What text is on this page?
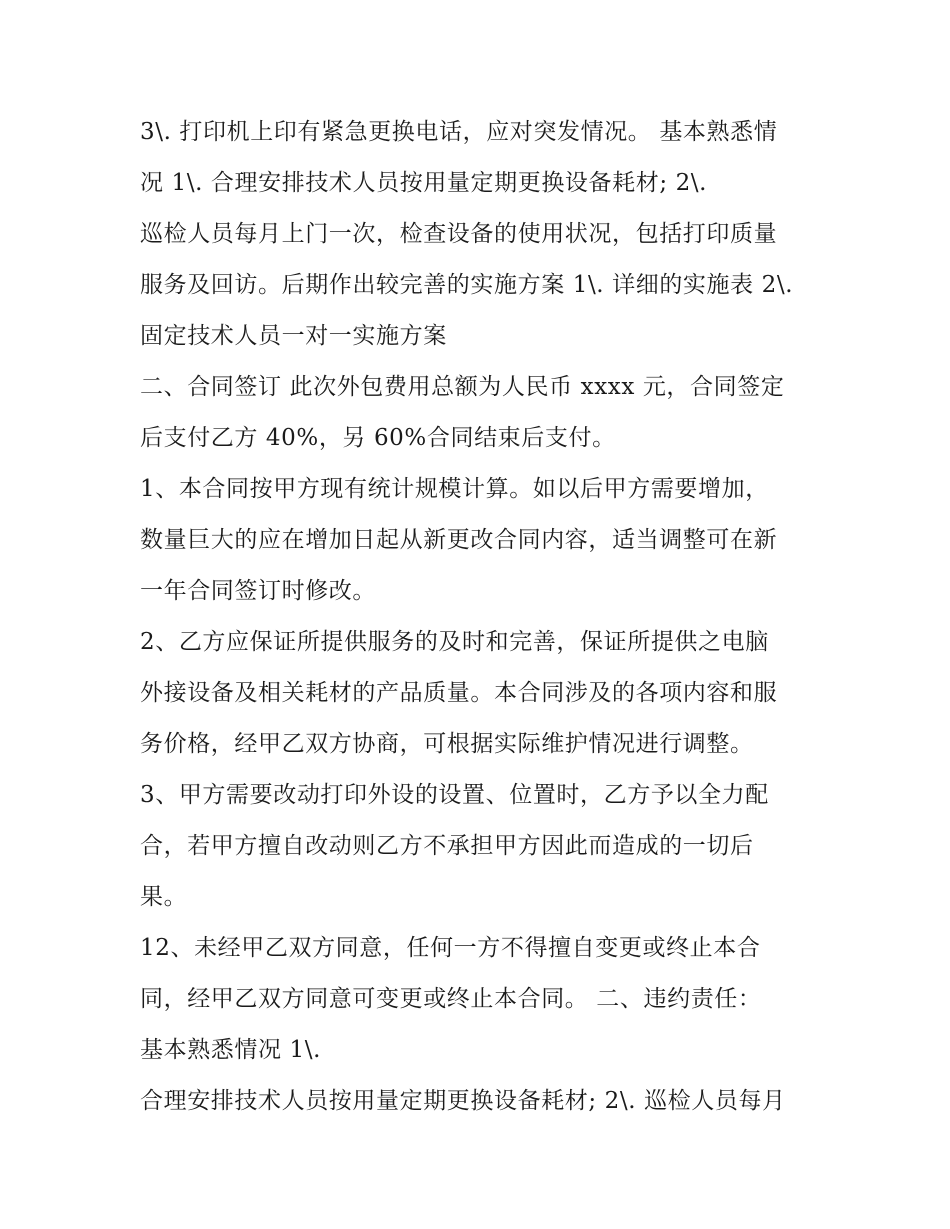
3\. 打印机上印有紧急更换电话，应对突发情况。 基本熟悉情
况 1\. 合理安排技术人员按用量定期更换设备耗材; 2\.
巡检人员每月上门一次，检查设备的使用状况，包括打印质量
服务及回访。后期作出较完善的实施方案 1\. 详细的实施表 2\.
固定技术人员一对一实施方案
二、合同签订 此次外包费用总额为人民币 xxxx 元，合同签定
后支付乙方 40%，另 60%合同结束后支付。
1、本合同按甲方现有统计规模计算。如以后甲方需要增加，
数量巨大的应在增加日起从新更改合同内容，适当调整可在新
一年合同签订时修改。
2、乙方应保证所提供服务的及时和完善，保证所提供之电脑
外接设备及相关耗材的产品质量。本合同涉及的各项内容和服
务价格，经甲乙双方协商，可根据实际维护情况进行调整。
3、甲方需要改动打印外设的设置、位置时，乙方予以全力配
合，若甲方擅自改动则乙方不承担甲方因此而造成的一切后
果。
12、未经甲乙双方同意，任何一方不得擅自变更或终止本合
同，经甲乙双方同意可变更或终止本合同。 二、违约责任：
基本熟悉情况 1\.
合理安排技术人员按用量定期更换设备耗材; 2\. 巡检人员每月
